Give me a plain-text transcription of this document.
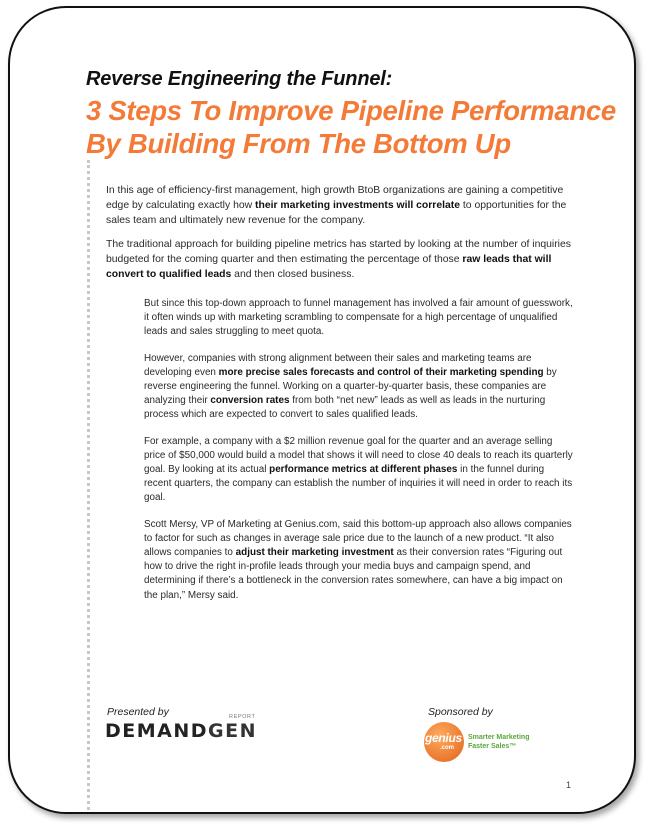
Reverse Engineering the Funnel:
3 Steps To Improve Pipeline Performance
By Building From The Bottom Up

In this age of efficiency-first management, high growth BtoB organizations are gaining a competitive edge by calculating exactly how their marketing investments will correlate to opportunities for the sales team and ultimately new revenue for the company.

The traditional approach for building pipeline metrics has started by looking at the number of inquiries budgeted for the coming quarter and then estimating the percentage of those raw leads that will convert to qualified leads and then closed business.

But since this top-down approach to funnel management has involved a fair amount of guesswork, it often winds up with marketing scrambling to compensate for a high percentage of unqualified leads and sales struggling to meet quota.

However, companies with strong alignment between their sales and marketing teams are developing even more precise sales forecasts and control of their marketing spending by reverse engineering the funnel. Working on a quarter-by-quarter basis, these companies are analyzing their conversion rates from both “net new” leads as well as leads in the nurturing process which are expected to convert to sales qualified leads.

For example, a company with a $2 million revenue goal for the quarter and an average selling price of $50,000 would build a model that shows it will need to close 40 deals to reach its quarterly goal. By looking at its actual performance metrics at different phases in the funnel during recent quarters, the company can establish the number of inquiries it will need in order to reach its goal.

Scott Mersy, VP of Marketing at Genius.com, said this bottom-up approach also allows companies to factor for such as changes in average sale price due to the launch of a new product. “It also allows companies to adjust their marketing investment as their conversion rates “Figuring out how to drive the right in-profile leads through your media buys and campaign spend, and determining if there’s a bottleneck in the conversion rates somewhere, can have a big impact on the plan,” Mersy said.

Presented by	REPORT
DEMANDGEN
Sponsored by
genius
.com
Smarter Marketing
Faster Sales™
1
